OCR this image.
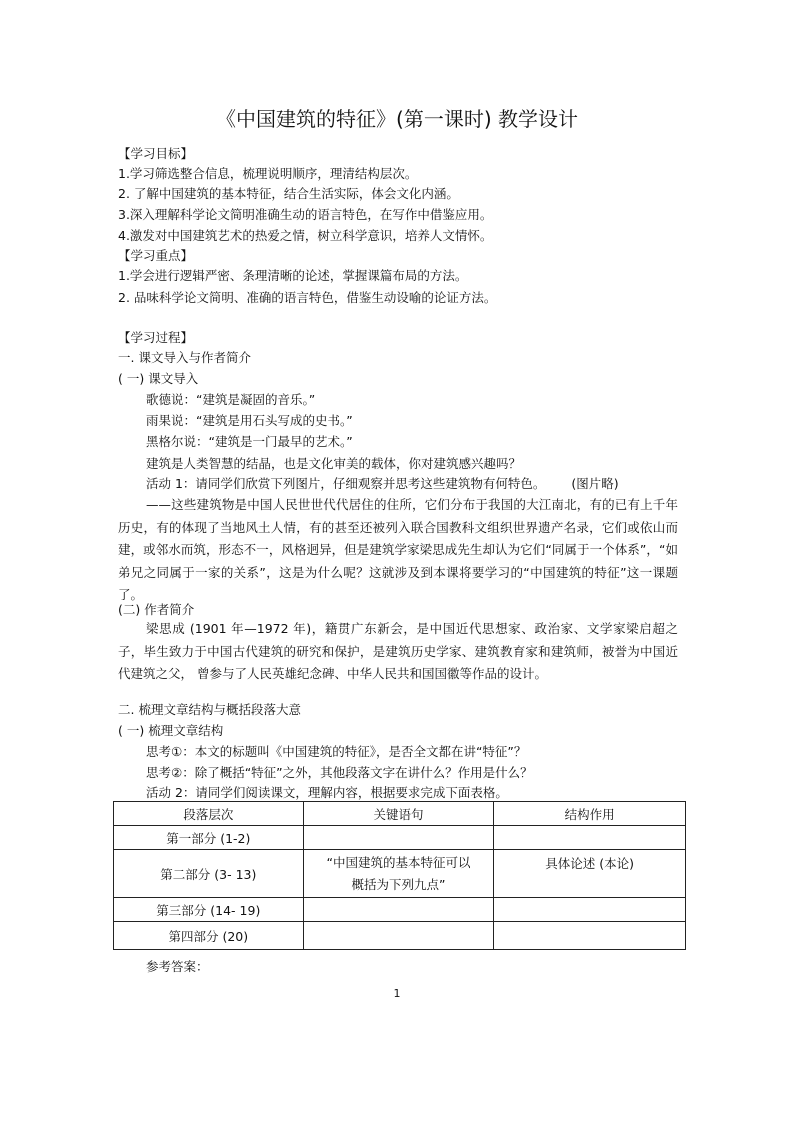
《中国建筑的特征》(第一课时) 教学设计
【学习目标】
1.学习筛选整合信息，梳理说明顺序，理清结构层次。
2. 了解中国建筑的基本特征，结合生活实际，体会文化内涵。
3.深入理解科学论文简明准确生动的语言特色，在写作中借鉴应用。
4.激发对中国建筑艺术的热爱之情，树立科学意识，培养人文情怀。
【学习重点】
1.学会进行逻辑严密、条理清晰的论述，掌握课篇布局的方法。
2. 品味科学论文简明、准确的语言特色，借鉴生动设喻的论证方法。
【学习过程】
一. 课文导入与作者简介
( 一) 课文导入
歌德说：“建筑是凝固的音乐。”
雨果说：“建筑是用石头写成的史书。”
黑格尔说：“建筑是一门最早的艺术。”
建筑是人类智慧的结晶，也是文化审美的载体，你对建筑感兴趣吗？
活动 1：请同学们欣赏下列图片，仔细观察并思考这些建筑物有何特色。 (图片略)
——这些建筑物是中国人民世世代代居住的住所，它们分布于我国的大江南北，有的已有上千年历史，有的体现了当地风土人情，有的甚至还被列入联合国教科文组织世界遗产名录，它们或依山而建，或邻水而筑，形态不一，风格迥异，但是建筑学家梁思成先生却认为它们“同属于一个体系”，“如弟兄之同属于一家的关系”，这是为什么呢？这就涉及到本课将要学习的“中国建筑的特征”这一课题了。
(二) 作者简介
梁思成 (1901 年—1972 年)，籍贯广东新会，是中国近代思想家、政治家、文学家梁启超之子，毕生致力于中国古代建筑的研究和保护，是建筑历史学家、建筑教育家和建筑师，被誉为中国近代建筑之父， 曾参与了人民英雄纪念碑、中华人民共和国国徽等作品的设计。
二. 梳理文章结构与概括段落大意
( 一) 梳理文章结构
思考①：本文的标题叫《中国建筑的特征》，是否全文都在讲“特征”？
思考②：除了概括“特征”之外，其他段落文字在讲什么？作用是什么？
活动 2：请同学们阅读课文，理解内容，根据要求完成下面表格。
段落层次	关键语句	结构作用
第一部分 (1-2)		
第二部分 (3- 13)	“中国建筑的基本特征可以概括为下列九点”	具体论述 (本论)
第三部分 (14- 19)		
第四部分 (20)		
参考答案：
1
